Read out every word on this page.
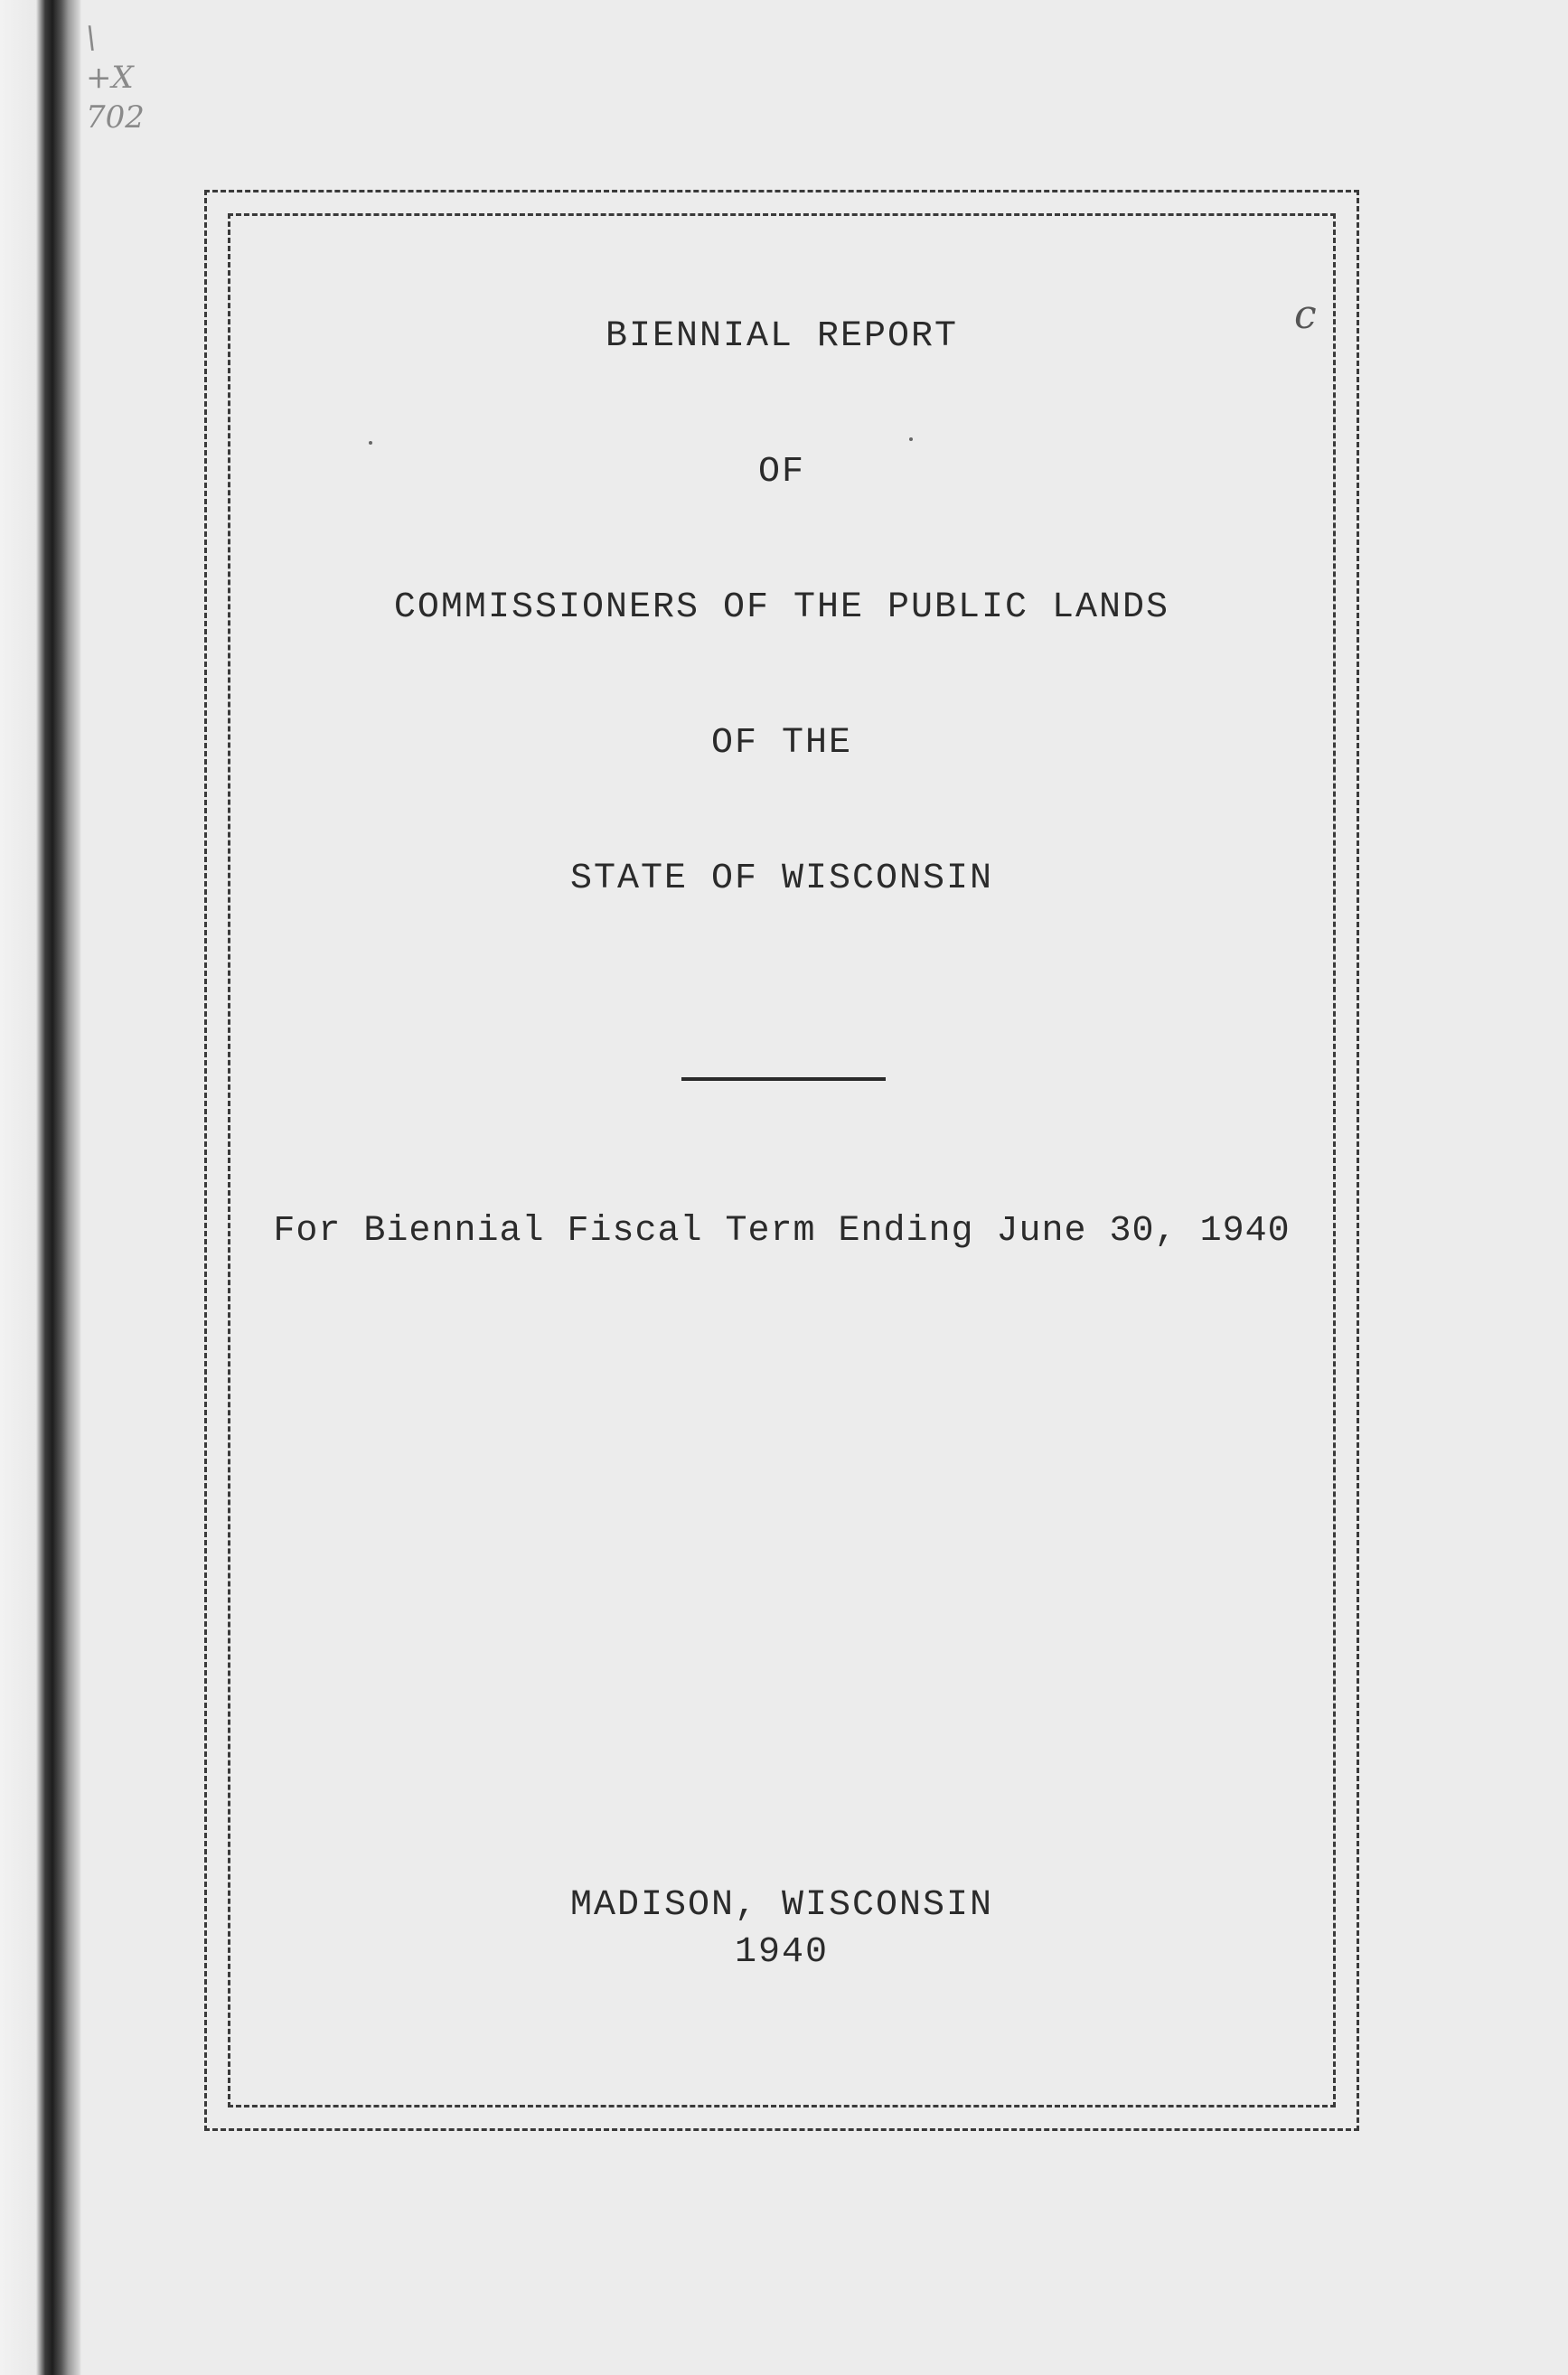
\
+X
702
c
BIENNIAL REPORT
OF
COMMISSIONERS OF THE PUBLIC LANDS
OF THE
STATE OF WISCONSIN
For Biennial Fiscal Term Ending June 30, 1940
MADISON, WISCONSIN
1940
